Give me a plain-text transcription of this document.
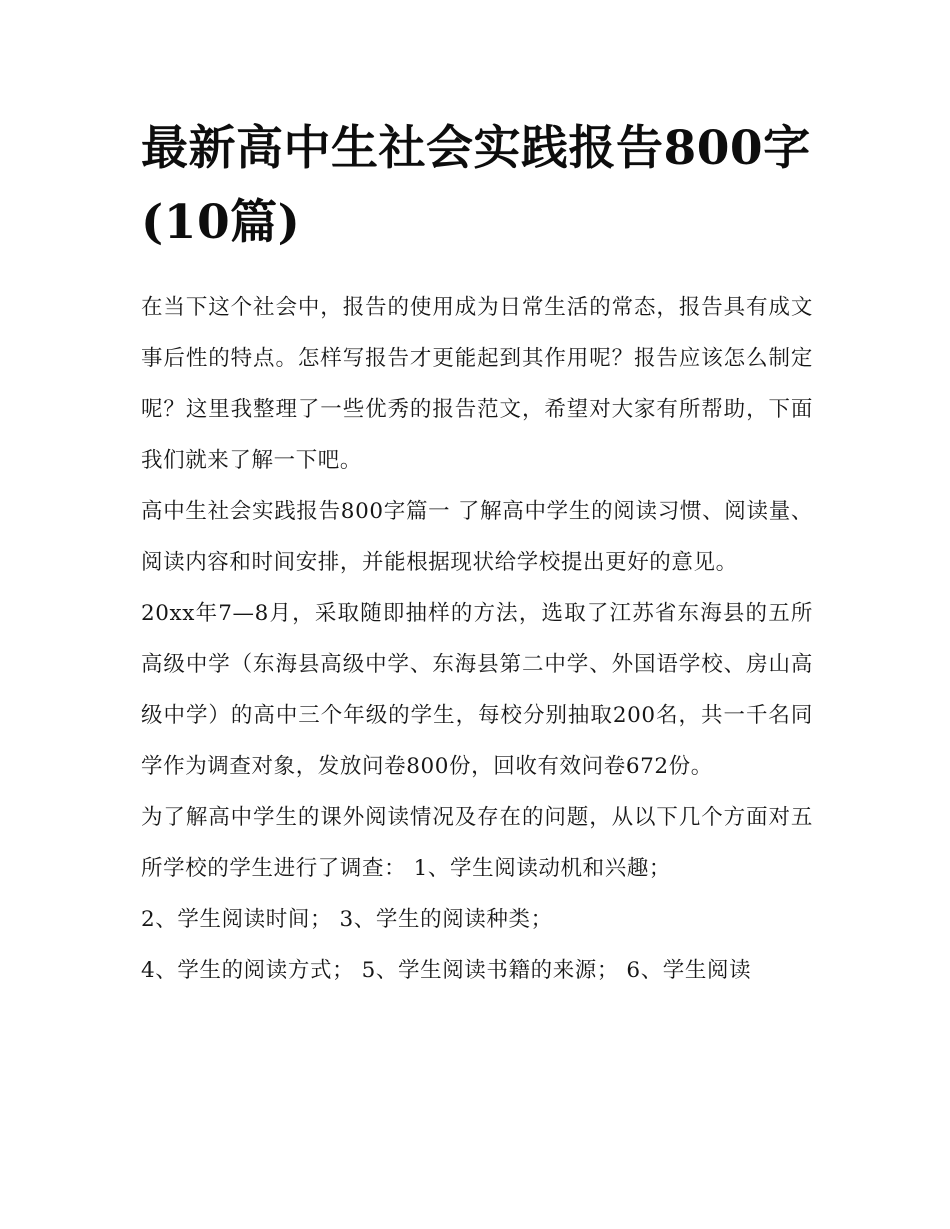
最新高中生社会实践报告800字(10篇)

在当下这个社会中，报告的使用成为日常生活的常态，报告具有成文事后性的特点。怎样写报告才更能起到其作用呢？报告应该怎么制定呢？这里我整理了一些优秀的报告范文，希望对大家有所帮助，下面我们就来了解一下吧。

高中生社会实践报告800字篇一 了解高中学生的阅读习惯、阅读量、阅读内容和时间安排，并能根据现状给学校提出更好的意见。

20xx年7—8月，采取随即抽样的方法，选取了江苏省东海县的五所高级中学（东海县高级中学、东海县第二中学、外国语学校、房山高级中学）的高中三个年级的学生，每校分别抽取200名，共一千名同学作为调查对象，发放问卷800份，回收有效问卷672份。

为了解高中学生的课外阅读情况及存在的问题，从以下几个方面对五所学校的学生进行了调查： 1、学生阅读动机和兴趣；

2、学生阅读时间； 3、学生的阅读种类；

4、学生的阅读方式； 5、学生阅读书籍的来源； 6、学生阅读
